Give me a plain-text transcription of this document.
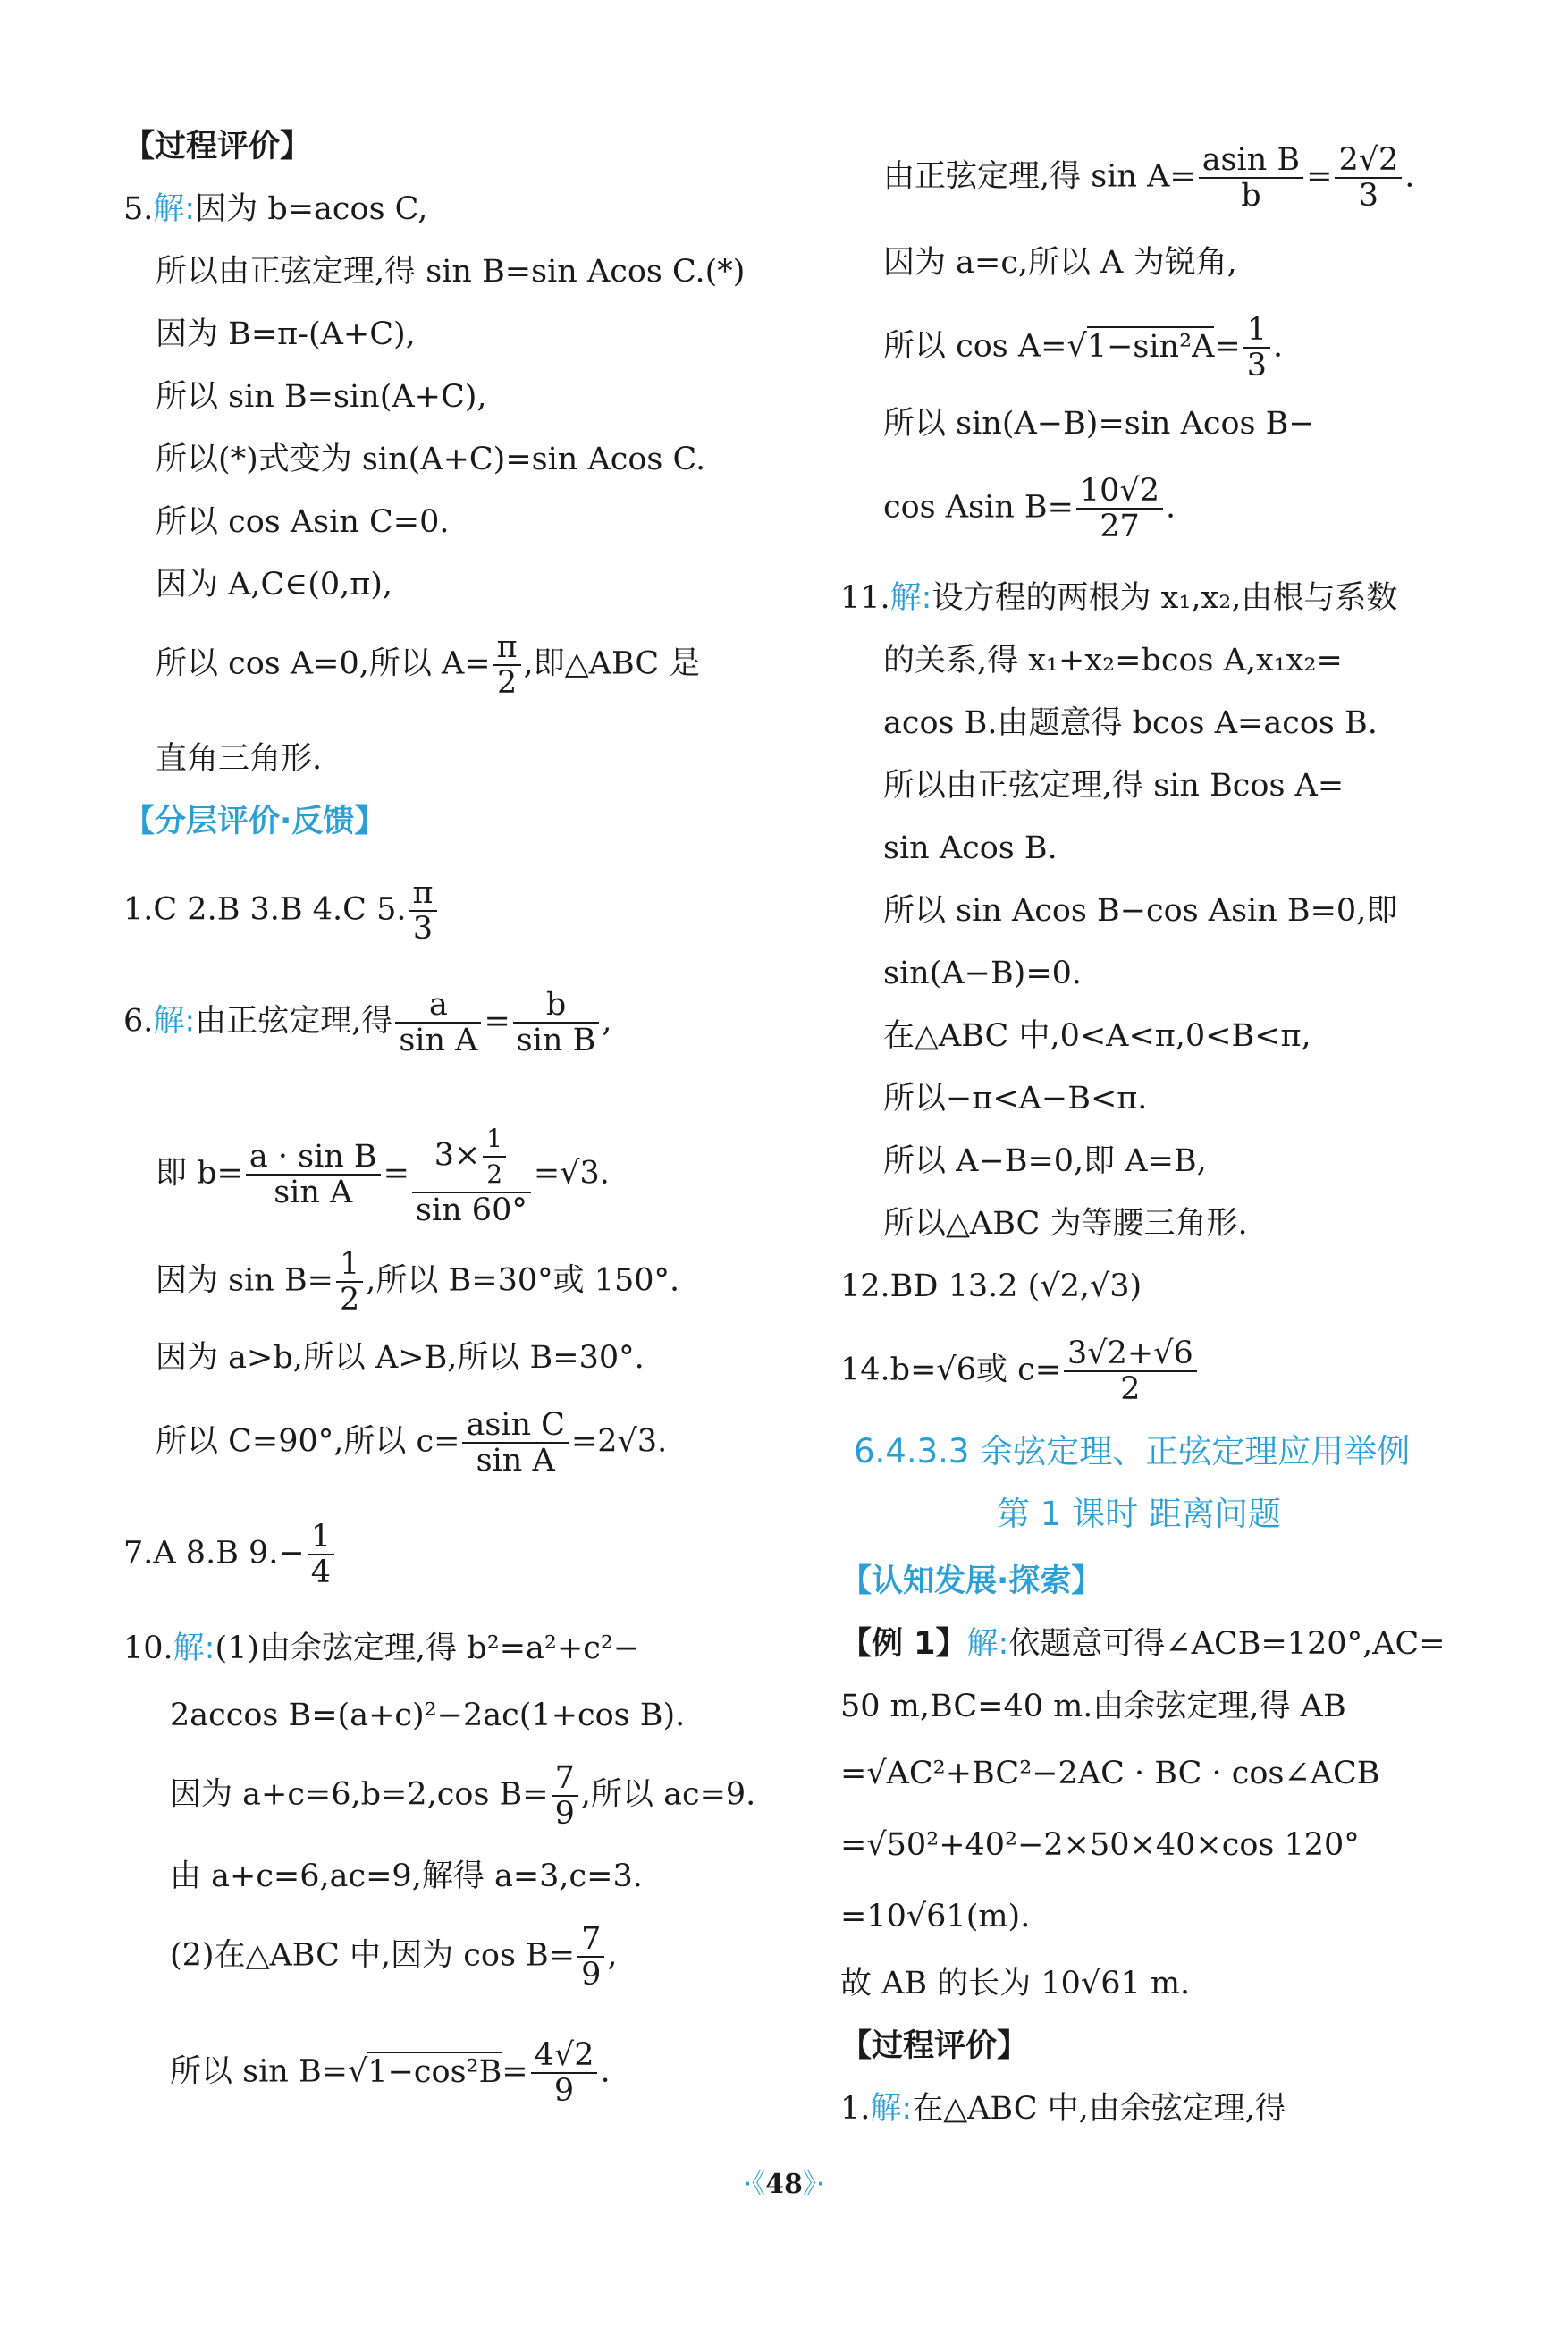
【过程评价】
5.解:因为 b=acos C,
所以由正弦定理,得 sin B=sin Acos C.(*)
因为 B=π-(A+C),
所以 sin B=sin(A+C),
所以(*)式变为 sin(A+C)=sin Acos C.
所以 cos Asin C=0.
因为 A,C∈(0,π),
所以 cos A=0,所以 $A= \frac{\pi}{2}$ ,即△ABC 是
直角三角形.
【分层评价·反馈】
1.C 2.B 3.B 4.C 5. $\frac{\pi}{3}$
6.解:由正弦定理,得 $\frac{a}{\text{sin A}} = \frac{b}{\text{sin B}}$ ,
即 $b= \frac{\text{a · sin B}}{\text{sin A}} = \frac{3\times \frac{1}{2}}{\sin 60^\circ} =√3$.
因为 $\sin B= \frac{1}{2}$ ,所以 B=30°或 150°.
因为 a>b,所以 A>B,所以 B=30°.
所以 C=90°,所以 $c= \frac{\text{asin C}}{\text{sin A}} =2√3$.
7.A 8.B $9.- \frac{1}{4}$
10.解:(1)由余弦定理,得 b²=a²+c²−
2accos B=(a+c)²−2ac(1+cos B).
因为 a+c=6,b=2,cos $B= \frac{7}{9}$ ,所以 ac=9.
由 a+c=6,ac=9,解得 a=3,c=3.
(2)在△ABC 中,因为 $\cos B= \frac{7}{9}$ ,
所以 $\sin B=√1-\cos^2B= \frac{4√2}{9}$ .
由正弦定理,得 $\sin A= \frac{\text{asin B}}{b} = \frac{2√2}{3}$ .
因为 a=c,所以 A 为锐角,
所以 $\cos A=√1-\sin^2A= \frac{1}{3}$ .
所以 sin(A−B)=sin Acos B−
cos Asin $B= \frac{10√2}{27}$ .
11.解:设方程的两根为 x₁,x₂,由根与系数
的关系,得 x₁+x₂=bcos A,x₁x₂=
acos B.由题意得 bcos A=acos B.
所以由正弦定理,得 sin Bcos A=
sin Acos B.
所以 sin Acos B−cos Asin B=0,即
sin(A−B)=0.
在△ABC 中,0<A<π,0<B<π,
所以−π<A−B<π.
所以 A−B=0,即 A=B,
所以△ABC 为等腰三角形.
12.BD 13.2 (√2,√3)
14.b=√6或 $c= \frac{3√2+√6}{2}$
6.4.3.3 余弦定理、正弦定理应用举例
第 1 课时 距离问题
【认知发展·探索】
【例 1】解:依题意可得∠ACB=120°,AC=
50 m,BC=40 m.由余弦定理,得 AB
=√AC²+BC²−2AC · BC · cos∠ACB
=√50²+40²−2×50×40×cos 120°
=10√61(m).
故 AB 的长为 10√61 m.
【过程评价】
1.解:在△ABC 中,由余弦定理,得
·《48》·
